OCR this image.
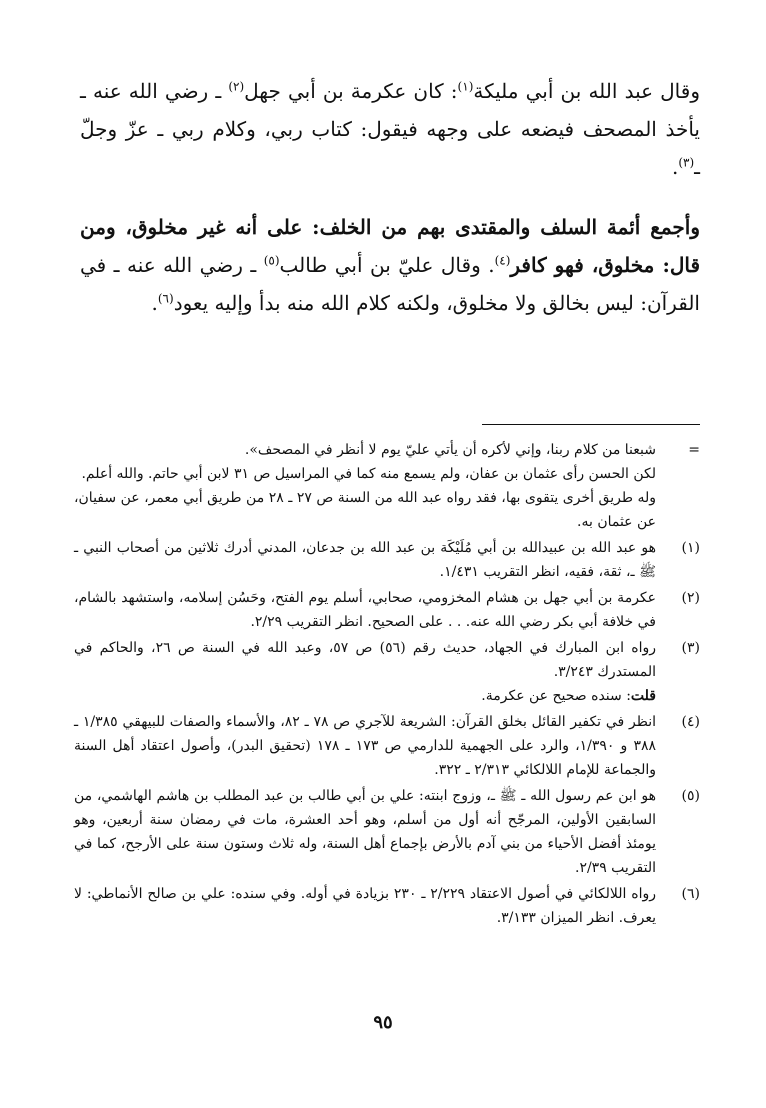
وقال عبد الله بن أبي مليكة$^{(١)}$: كان عكرمة بن أبي جهل$^{(٢)}$ ـ رضي الله عنه ـ يأخذ المصحف فيضعه على وجهه فيقول: كتاب ربي، وكلام ربي ـ عزّ وجلّ ـ$^{(٣)}$.

وأجمع أئمة السلف والمقتدى بهم من الخلف: على أنه غير مخلوق، ومن قال: مخلوق، فهو كافر$^{(٤)}$. وقال عليّ بن أبي طالب$^{(٥)}$ ـ رضي الله عنه ـ في القرآن: ليس بخالق ولا مخلوق، ولكنه كلام الله منه بدأ وإليه يعود$^{(٦)}$.

=
شبعنا من كلام ربنا، وإني لأكره أن يأتي عليّ يوم لا أنظر في المصحف».
لكن الحسن رأى عثمان بن عفان، ولم يسمع منه كما في المراسيل ص ٣١ لابن أبي حاتم. والله أعلم.
وله طريق أخرى يتقوى بها، فقد رواه عبد الله من السنة ص ٢٧ ـ ٢٨ من طريق أبي معمر، عن سفيان، عن عثمان به.
(١)
هو عبد الله بن عبيدالله بن أبي مُلَيْكَة بن عبد الله بن جدعان، المدني أدرك ثلاثين من أصحاب النبي ـ ﷺ ـ، ثقة، فقيه، انظر التقريب ١/٤٣١.
(٢)
عكرمة بن أبي جهل بن هشام المخزومي، صحابي، أسلم يوم الفتح، وحَسُن إسلامه، واستشهد بالشام، في خلافة أبي بكر رضي الله عنه. . . على الصحيح. انظر التقريب ٢/٢٩.
(٣)
رواه ابن المبارك في الجهاد، حديث رقم (٥٦) ص ٥٧، وعبد الله في السنة ص ٢٦، والحاكم في المستدرك ٣/٢٤٣.
قلت: سنده صحيح عن عكرمة.
(٤)
انظر في تكفير القائل بخلق القرآن: الشريعة للآجري ص ٧٨ ـ ٨٢، والأسماء والصفات للبيهقي ١/٣٨٥ ـ ٣٨٨ و ١/٣٩٠، والرد على الجهمية للدارمي ص ١٧٣ ـ ١٧٨ (تحقيق البدر)، وأصول اعتقاد أهل السنة والجماعة للإمام اللالكائي ٢/٣١٣ ـ ٣٢٢.
(٥)
هو ابن عم رسول الله ـ ﷺ ـ، وزوج ابنته: علي بن أبي طالب بن عبد المطلب بن هاشم الهاشمي، من السابقين الأولين، المرجّح أنه أول من أسلم، وهو أحد العشرة، مات في رمضان سنة أربعين، وهو يومئذ أفضل الأحياء من بني آدم بالأرض بإجماع أهل السنة، وله ثلاث وستون سنة على الأرجح، كما في التقريب ٢/٣٩.
(٦)
رواه اللالكائي في أصول الاعتقاد ٢/٢٢٩ ـ ٢٣٠ بزيادة في أوله. وفي سنده: علي بن صالح الأنماطي: لا يعرف. انظر الميزان ٣/١٣٣.
٩٥
